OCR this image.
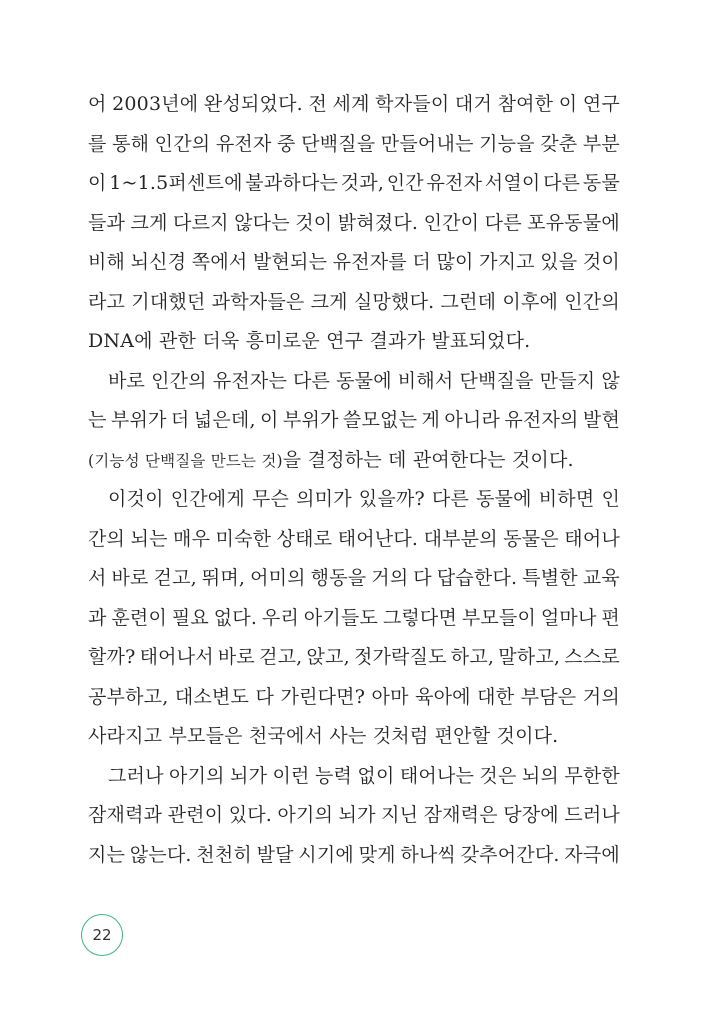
어 2003년에 완성되었다. 전 세계 학자들이 대거 참여한 이 연구
를 통해 인간의 유전자 중 단백질을 만들어내는 기능을 갖춘 부분
이 1~1.5퍼센트에 불과하다는 것과, 인간 유전자 서열이 다른 동물
들과 크게 다르지 않다는 것이 밝혀졌다. 인간이 다른 포유동물에
비해 뇌신경 쪽에서 발현되는 유전자를 더 많이 가지고 있을 것이
라고 기대했던 과학자들은 크게 실망했다. 그런데 이후에 인간의
DNA에 관한 더욱 흥미로운 연구 결과가 발표되었다.
바로 인간의 유전자는 다른 동물에 비해서 단백질을 만들지 않
는 부위가 더 넓은데, 이 부위가 쓸모없는 게 아니라 유전자의 발현
(기능성 단백질을 만드는 것)을 결정하는 데 관여한다는 것이다.
이것이 인간에게 무슨 의미가 있을까? 다른 동물에 비하면 인
간의 뇌는 매우 미숙한 상태로 태어난다. 대부분의 동물은 태어나
서 바로 걷고, 뛰며, 어미의 행동을 거의 다 답습한다. 특별한 교육
과 훈련이 필요 없다. 우리 아기들도 그렇다면 부모들이 얼마나 편
할까? 태어나서 바로 걷고, 앉고, 젓가락질도 하고, 말하고, 스스로
공부하고, 대소변도 다 가린다면? 아마 육아에 대한 부담은 거의
사라지고 부모들은 천국에서 사는 것처럼 편안할 것이다.
그러나 아기의 뇌가 이런 능력 없이 태어나는 것은 뇌의 무한한
잠재력과 관련이 있다. 아기의 뇌가 지닌 잠재력은 당장에 드러나
지는 않는다. 천천히 발달 시기에 맞게 하나씩 갖추어간다. 자극에
22
